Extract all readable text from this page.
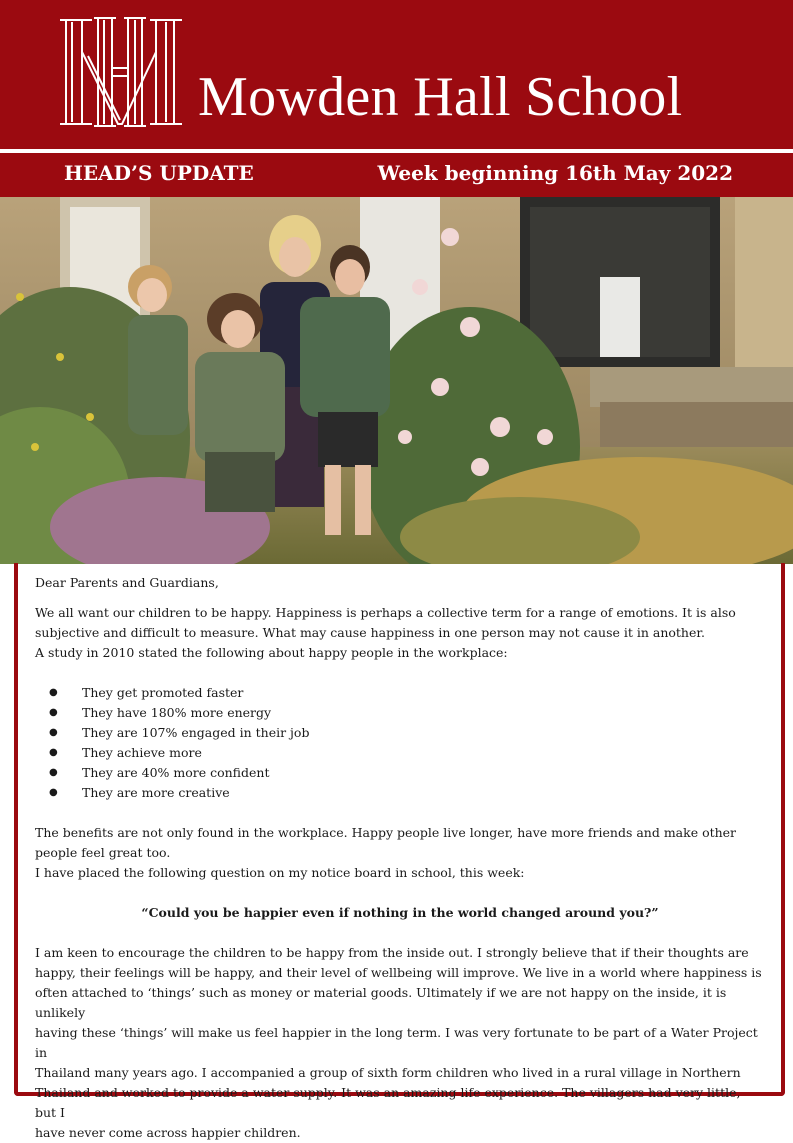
Mowden Hall School
HEAD’S UPDATE	Week beginning 16th May 2022

Dear Parents and Guardians,

We all want our children to be happy. Happiness is perhaps a collective term for a range of emotions. It is also

subjective and difficult to measure. What may cause happiness in one person may not cause it in another.

A study in 2010 stated the following about happy people in the workplace:

● They get promoted faster
● They have 180% more energy
● They are 107% engaged in their job
● They achieve more
● They are 40% more confident
● They are more creative

The benefits are not only found in the workplace. Happy people live longer, have more friends and make other

people feel great too.

I have placed the following question on my notice board in school, this week:

“Could you be happier even if nothing in the world changed around you?”

I am keen to encourage the children to be happy from the inside out. I strongly believe that if their thoughts are

happy, their feelings will be happy, and their level of wellbeing will improve. We live in a world where happiness is

often attached to ‘things’ such as money or material goods. Ultimately if we are not happy on the inside, it is unlikely

having these ‘things’ will make us feel happier in the long term. I was very fortunate to be part of a Water Project in

Thailand many years ago. I accompanied a group of sixth form children who lived in a rural village in Northern

Thailand and worked to provide a water supply. It was an amazing life experience. The villagers had very little, but I

have never come across happier children.
